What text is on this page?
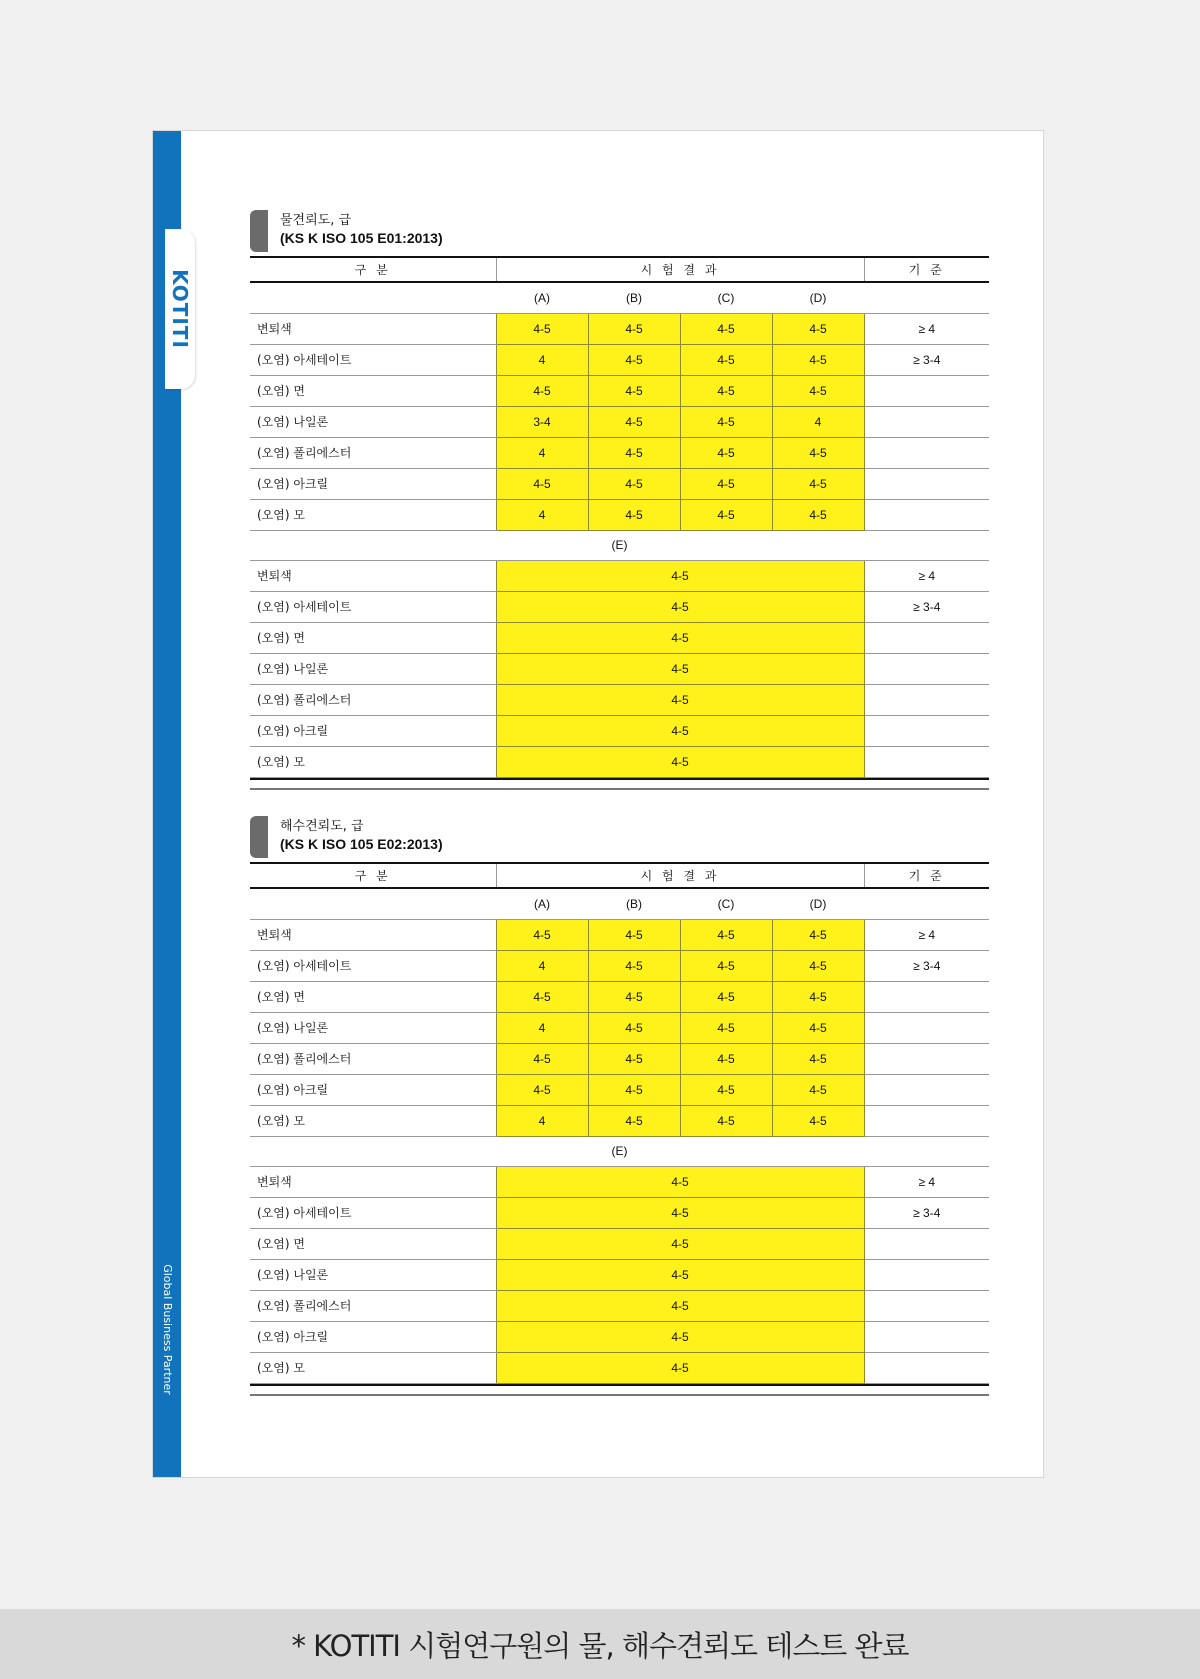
KOTITI
Global Business Partner
물견뢰도, 급
(KS K ISO 105 E01:2013)
구 분	시 험 결 과				기 준
	(A)	(B)	(C)	(D)	
변퇴색	4-5	4-5	4-5	4-5	≥ 4
(오염) 아세테이트	4	4-5	4-5	4-5	≥ 3-4
(오염) 면	4-5	4-5	4-5	4-5	
(오염) 나일론	3-4	4-5	4-5	4	
(오염) 폴리에스터	4	4-5	4-5	4-5	
(오염) 아크릴	4-5	4-5	4-5	4-5	
(오염) 모	4	4-5	4-5	4-5	
(E)					
변퇴색	4-5				≥ 4
(오염) 아세테이트	4-5				≥ 3-4
(오염) 면	4-5				
(오염) 나일론	4-5				
(오염) 폴리에스터	4-5				
(오염) 아크릴	4-5				
(오염) 모	4-5				
해수견뢰도, 급
(KS K ISO 105 E02:2013)
구 분	시 험 결 과				기 준
	(A)	(B)	(C)	(D)	
변퇴색	4-5	4-5	4-5	4-5	≥ 4
(오염) 아세테이트	4	4-5	4-5	4-5	≥ 3-4
(오염) 면	4-5	4-5	4-5	4-5	
(오염) 나일론	4	4-5	4-5	4-5	
(오염) 폴리에스터	4-5	4-5	4-5	4-5	
(오염) 아크릴	4-5	4-5	4-5	4-5	
(오염) 모	4	4-5	4-5	4-5	
(E)					
변퇴색	4-5				≥ 4
(오염) 아세테이트	4-5				≥ 3-4
(오염) 면	4-5				
(오염) 나일론	4-5				
(오염) 폴리에스터	4-5				
(오염) 아크릴	4-5				
(오염) 모	4-5				
* KOTITI 시험연구원의 물, 해수견뢰도 테스트 완료
